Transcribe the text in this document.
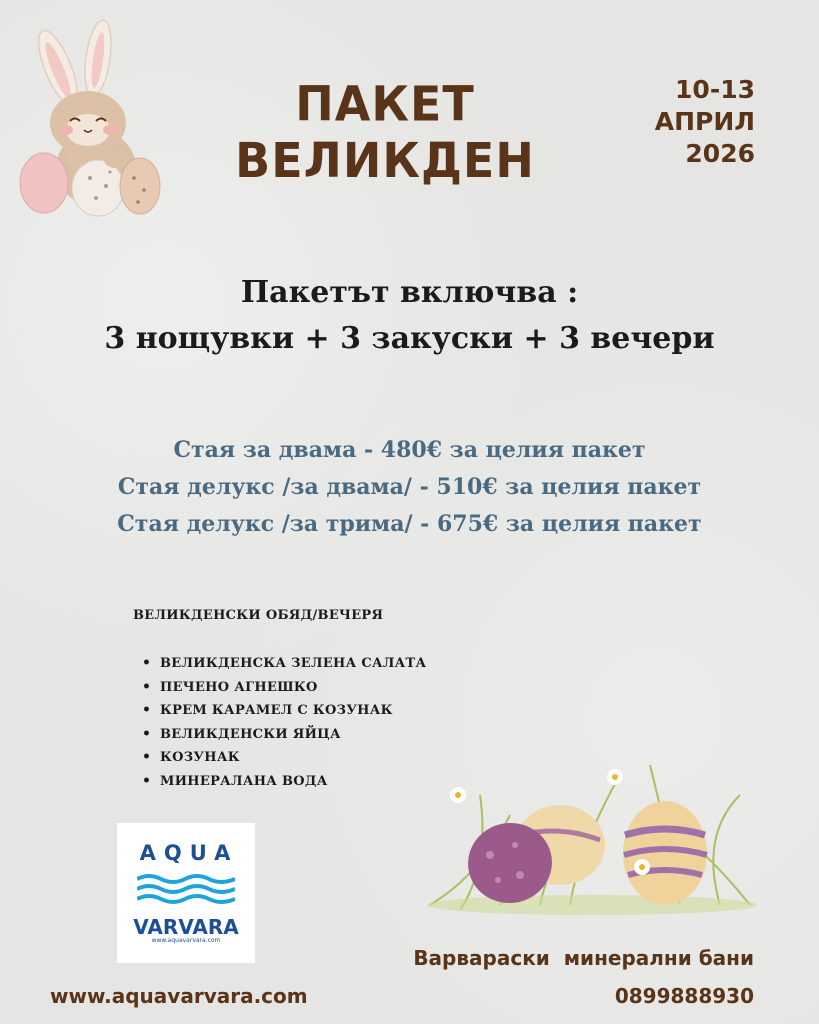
ПАКЕТ ВЕЛИКДЕН
10-13
АПРИЛ
2026
Пакетът включва :
3 нощувки + 3 закуски + 3 вечери
Стая за двама - 480€ за целия пакет
Стая делукс /за двама/ - 510€ за целия пакет
Стая делукс /за трима/ - 675€ за целия пакет
ВЕЛИКДЕНСКИ ОБЯД/ВЕЧЕРЯ
• ВЕЛИКДЕНСКА ЗЕЛЕНА САЛАТА
• ПЕЧЕНО АГНЕШКО
• КРЕМ КАРАМЕЛ С КОЗУНАК
• ВЕЛИКДЕНСКИ ЯЙЦА
• КОЗУНАК
• МИНЕРАЛАНА ВОДА
AQUA
VARVARA
www.aquavarvara.com
www.aquavarvara.com
Варвараски  минерални бани
0899888930
